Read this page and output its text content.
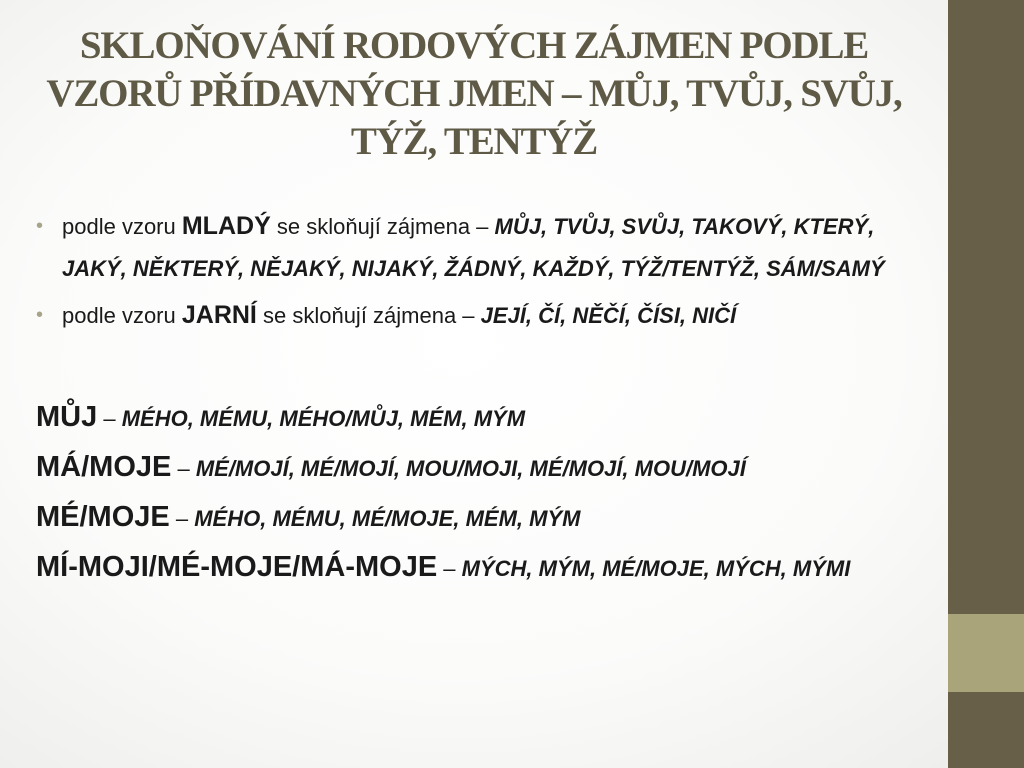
SKLOŇOVÁNÍ RODOVÝCH ZÁJMEN PODLE VZORŮ PŘÍDAVNÝCH JMEN – MŮJ, TVŮJ, SVŮJ, TÝŽ, TENTÝŽ
• podle vzoru MLADÝ se skloňují zájmena – MŮJ, TVŮJ, SVŮJ, TAKOVÝ, KTERÝ, JAKÝ, NĚKTERÝ, NĚJAKÝ, NIJAKÝ, ŽÁDNÝ, KAŽDÝ, TÝŽ/TENTÝŽ, SÁM/SAMÝ
• podle vzoru JARNÍ se skloňují zájmena – JEJÍ, ČÍ, NĚČÍ, ČÍSI, NIČÍ
MŮJ – MÉHO, MÉMU, MÉHO/MŮJ, MÉM, MÝM
MÁ/MOJE – MÉ/MOJÍ, MÉ/MOJÍ, MOU/MOJI, MÉ/MOJÍ, MOU/MOJÍ
MÉ/MOJE – MÉHO, MÉMU, MÉ/MOJE, MÉM, MÝM
MÍ-MOJI/MÉ-MOJE/MÁ-MOJE – MÝCH, MÝM, MÉ/MOJE, MÝCH, MÝMI
